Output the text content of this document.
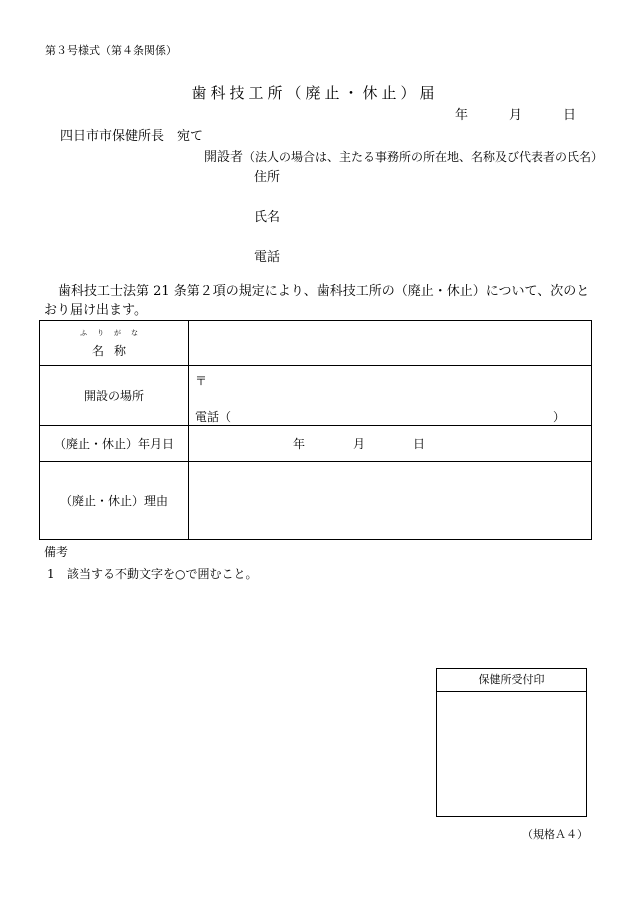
第３号様式（第４条関係）
歯科技工所（廃止・休止）届
年	月	日
四日市市保健所長　宛て
開設者（法人の場合は、主たる事務所の所在地、名称及び代表者の氏名）
住所
氏名
電話
歯科技工士法第 21 条第２項の規定により、歯科技工所の（廃止・休止）について、次のとおり届け出ます。
ふりがな
名称	

開設の場所	〒
電話（ ）

（廃止・休止）年月日	年 月 日
（廃止・休止）理由	
備考
1 該当する不動文字を○で囲むこと。
保健所受付印
（規格Ａ４）
